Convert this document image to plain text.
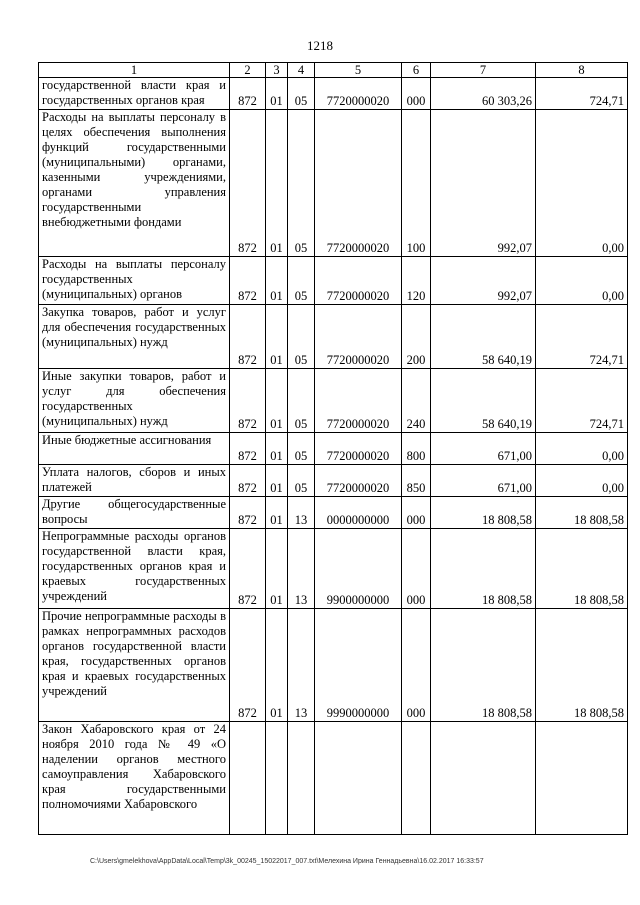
1218
1	2	3	4	5	6	7	8
государственной власти края и государственных органов края	872	01	05	7720000020	000	60 303,26	724,71
Расходы на выплаты персоналу в целях обеспечения выполнения функций государственными (муниципальными) органами, казенными учреждениями, органами управления государственными внебюджетными фондами	872	01	05	7720000020	100	992,07	0,00
Расходы на выплаты персоналу государственных (муниципальных) органов	872	01	05	7720000020	120	992,07	0,00
Закупка товаров, работ и услуг для обеспечения государственных (муниципальных) нужд	872	01	05	7720000020	200	58 640,19	724,71
Иные закупки товаров, работ и услуг для обеспечения государственных (муниципальных) нужд	872	01	05	7720000020	240	58 640,19	724,71
Иные бюджетные ассигнования	872	01	05	7720000020	800	671,00	0,00
Уплата налогов, сборов и иных платежей	872	01	05	7720000020	850	671,00	0,00
Другие общегосударственные вопросы	872	01	13	0000000000	000	18 808,58	18 808,58
Непрограммные расходы органов государственной власти края, государственных органов края и краевых государственных учреждений	872	01	13	9900000000	000	18 808,58	18 808,58
Прочие непрограммные расходы в рамках непрограммных расходов органов государственной власти края, государственных органов края и краевых государственных учреждений	872	01	13	9990000000	000	18 808,58	18 808,58
Закон Хабаровского края от 24 ноября 2010 года № 49 «О наделении органов местного самоуправления Хабаровского края государственными полномочиями Хабаровского							
C:\Users\gmelekhova\AppData\Local\Temp\3k_00245_15022017_007.txt\Мелехина Ирина Геннадьевна\16.02.2017 16:33:57
